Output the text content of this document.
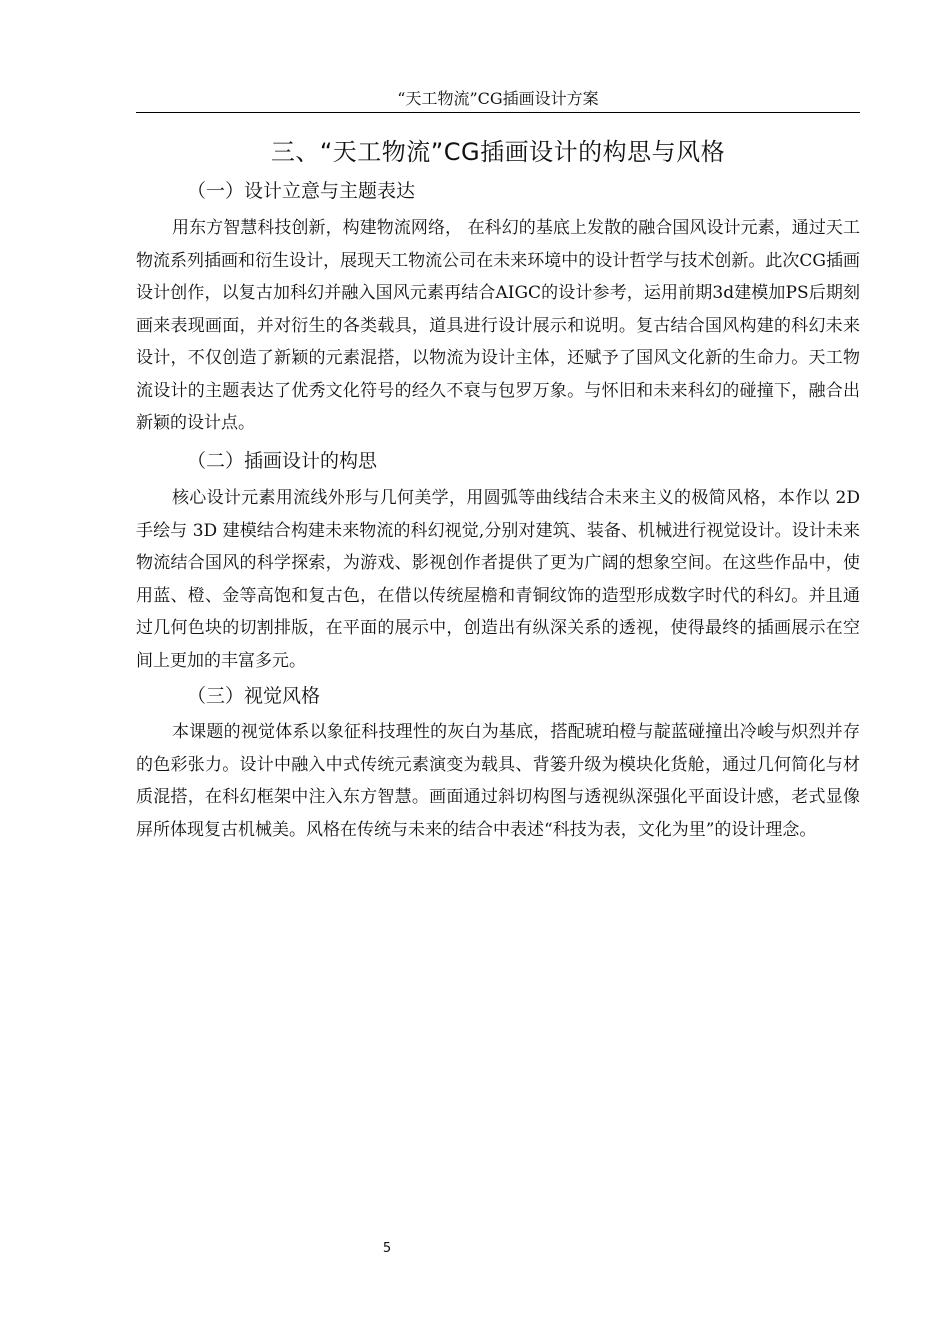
“天工物流”CG插画设计方案
三、“天工物流”CG插画设计的构思与风格
（一）设计立意与主题表达

用东方智慧科技创新，构建物流网络， 在科幻的基底上发散的融合国风设计元素，通过天工物流系列插画和衍生设计，展现天工物流公司在未来环境中的设计哲学与技术创新。此次CG插画设计创作，以复古加科幻并融入国风元素再结合AIGC的设计参考，运用前期3d建模加PS后期刻画来表现画面，并对衍生的各类载具，道具进行设计展示和说明。复古结合国风构建的科幻未来设计，不仅创造了新颖的元素混搭，以物流为设计主体，还赋予了国风文化新的生命力。天工物流设计的主题表达了优秀文化符号的经久不衰与包罗万象。与怀旧和未来科幻的碰撞下，融合出新颖的设计点。

（二）插画设计的构思

核心设计元素用流线外形与几何美学，用圆弧等曲线结合未来主义的极简风格，本作以 2D 手绘与 3D 建模结合构建未来物流的科幻视觉,分别对建筑、装备、机械进行视觉设计。设计未来物流结合国风的科学探索，为游戏、影视创作者提供了更为广阔的想象空间。在这些作品中，使用蓝、橙、金等高饱和复古色，在借以传统屋檐和青铜纹饰的造型形成数字时代的科幻。并且通过几何色块的切割排版，在平面的展示中，创造出有纵深关系的透视，使得最终的插画展示在空间上更加的丰富多元。

（三）视觉风格

本课题的视觉体系以象征科技理性的灰白为基底，搭配琥珀橙与靛蓝碰撞出冷峻与炽烈并存的色彩张力。设计中融入中式传统元素演变为载具、背篓升级为模块化货舱，通过几何简化与材质混搭，在科幻框架中注入东方智慧。画面通过斜切构图与透视纵深强化平面设计感，老式显像屏所体现复古机械美。风格在传统与未来的结合中表述“科技为表，文化为里”的设计理念。

5
